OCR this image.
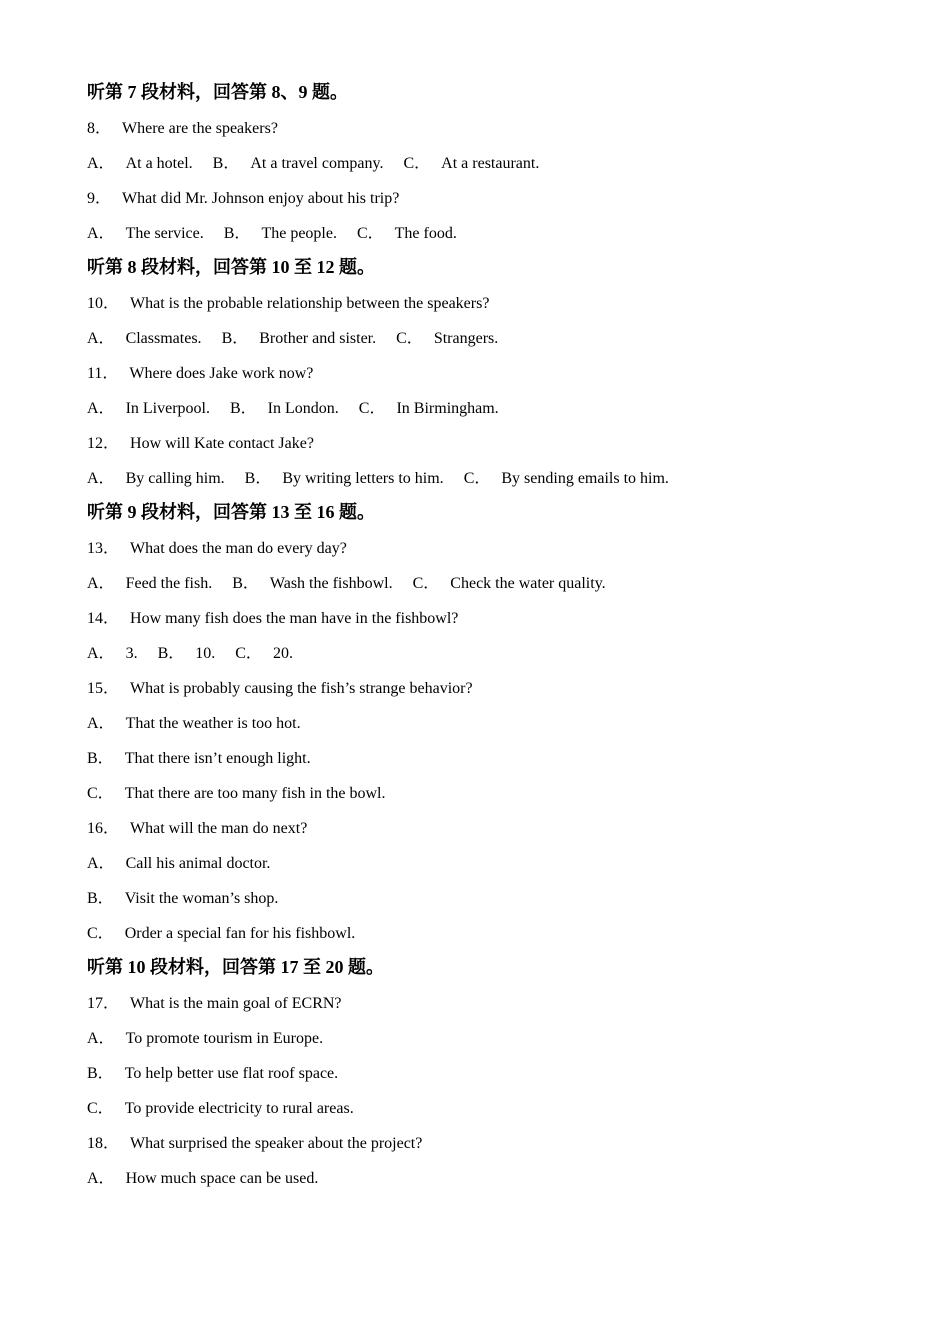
听第 7 段材料，回答第 8、9 题。
8． Where are the speakers?
A． At a hotel. B． At a travel company. C． At a restaurant.
9． What did Mr. Johnson enjoy about his trip?
A． The service. B． The people. C． The food.
听第 8 段材料，回答第 10 至 12 题。
10． What is the probable relationship between the speakers?
A． Classmates. B． Brother and sister. C． Strangers.
11． Where does Jake work now?
A． In Liverpool. B． In London. C． In Birmingham.
12． How will Kate contact Jake?
A． By calling him. B． By writing letters to him. C． By sending emails to him.
听第 9 段材料，回答第 13 至 16 题。
13． What does the man do every day?
A． Feed the fish. B． Wash the fishbowl. C． Check the water quality.
14． How many fish does the man have in the fishbowl?
A． 3. B． 10. C． 20.
15． What is probably causing the fish’s strange behavior?
A． That the weather is too hot.
B． That there isn’t enough light.
C． That there are too many fish in the bowl.
16． What will the man do next?
A． Call his animal doctor.
B． Visit the woman’s shop.
C． Order a special fan for his fishbowl.
听第 10 段材料，回答第 17 至 20 题。
17． What is the main goal of ECRN?
A． To promote tourism in Europe.
B． To help better use flat roof space.
C． To provide electricity to rural areas.
18． What surprised the speaker about the project?
A． How much space can be used.
